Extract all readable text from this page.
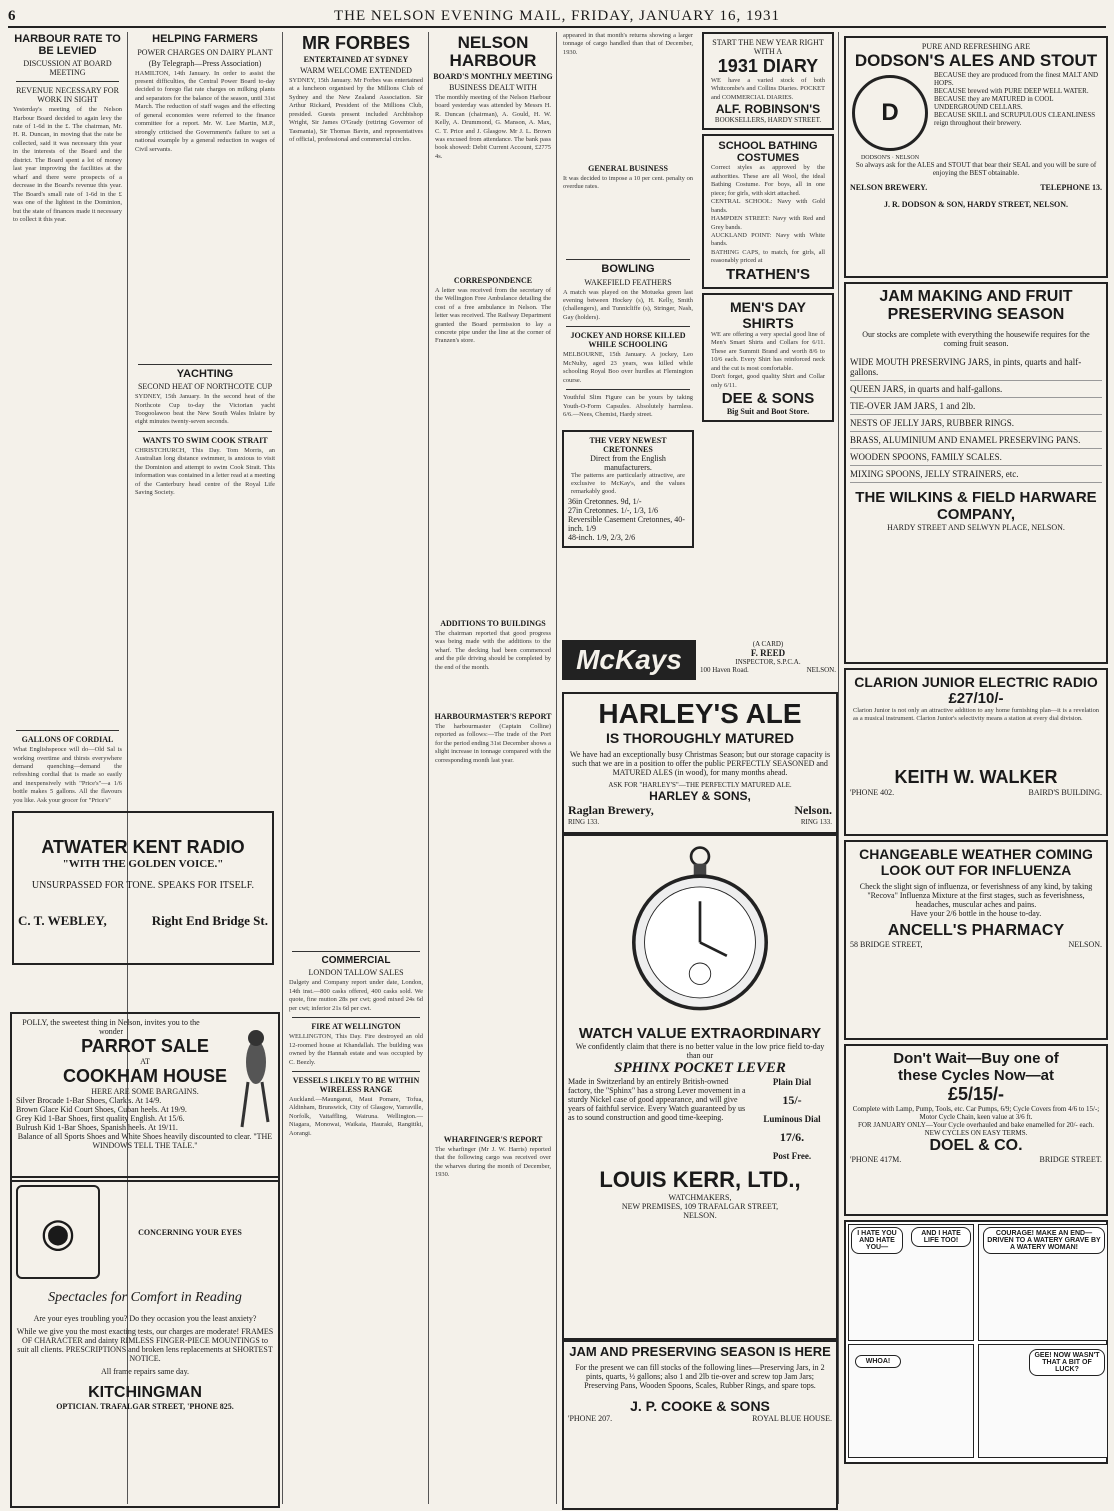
6	THE NELSON EVENING MAIL, FRIDAY, JANUARY 16, 1931
HARBOUR RATE TO BE LEVIED
DISCUSSION AT BOARD MEETING
REVENUE NECESSARY FOR WORK IN SIGHT
Yesterday's meeting of the Nelson Harbour Board decided to again levy the rate of 1-6d in the £. The chairman, Mr. H. R. Duncan, in moving that the rate be collected, said it was necessary this year in the interests of the Board and the district. The Board spent a lot of money last year improving the facilities at the wharf and there were prospects of a decrease in the Board's revenue this year. The Board's small rate of 1-6d in the £ was one of the lightest in the Dominion, but the state of finances made it necessary to collect it this year.
GALLONS OF CORDIAL
What Englishspeoce will do—Old Sal is working overtime and thirsts everywhere demand quenching—demand the refreshing cordial that is made so easily and inexpensively with "Price's"—a 1/6 bottle makes 5 gallons. All the flavours you like. Ask your grocer for "Price's"
ATWATER KENT RADIO
"WITH THE GOLDEN VOICE."
UNSURPASSED FOR TONE. SPEAKS FOR ITSELF.
C. T. WEBLEY,	Right End Bridge St.
POLLY, the sweetest thing in Nelson, invites you to the wonder
PARROT SALE
AT
COOKHAM HOUSE
HERE ARE SOME BARGAINS.
Silver Brocade 1-Bar Shoes, Clark's. At 14/9.
Brown Glace Kid Court Shoes, Cuban heels. At 19/9.
Grey Kid 1-Bar Shoes, first quality English. At 15/6.
Bulrush Kid 1-Bar Shoes, Spanish heels. At 19/11.
Balance of all Sports Shoes and White Shoes heavily discounted to clear. "THE WINDOWS TELL THE TALE."
◉	CONCERNING YOUR EYES
Spectacles for Comfort in Reading
Are your eyes troubling you? Do they occasion you the least anxiety?
While we give you the most exacting tests, our charges are moderate! FRAMES OF CHARACTER and dainty RIMLESS FINGER-PIECE MOUNTINGS to suit all clients. PRESCRIPTIONS and broken lens replacements at SHORTEST NOTICE.
All frame repairs same day.
KITCHINGMAN
OPTICIAN. TRAFALGAR STREET, 'PHONE 825.
HELPING FARMERS
POWER CHARGES ON DAIRY PLANT
(By Telegraph—Press Association)
HAMILTON, 14th January. In order to assist the present difficulties, the Central Power Board to-day decided to forego flat rate charges on milking plants and separators for the balance of the season, until 31st March. The reduction of staff wages and the effecting of general economies were referred to the finance committee for a report. Mr. W. Lee Martin, M.P., strongly criticised the Government's failure to set a national example by a general reduction in wages of Civil servants.
YACHTING
SECOND HEAT OF NORTHCOTE CUP
SYDNEY, 15th January. In the second heat of the Northcote Cup to-day the Victorian yacht Toogoolawoo beat the New South Wales Inlaire by eight minutes twenty-seven seconds.
WANTS TO SWIM COOK STRAIT
CHRISTCHURCH, This Day. Tom Morris, an Australian long distance swimmer, is anxious to visit the Dominion and attempt to swim Cook Strait. This information was contained in a letter read at a meeting of the Canterbury head centre of the Royal Life Saving Society.
MR FORBES
ENTERTAINED AT SYDNEY
WARM WELCOME EXTENDED
SYDNEY, 15th January. Mr Forbes was entertained at a luncheon organised by the Millions Club of Sydney and the New Zealand Association. Sir Arthur Rickard, President of the Millions Club, presided. Guests present included Archbishop Wright, Sir James O'Grady (retiring Governor of Tasmania), Sir Thomas Bavin, and representatives of official, professional and commercial circles.
COMMERCIAL
LONDON TALLOW SALES
Dalgety and Company report under date, London, 14th inst.—800 casks offered, 400 casks sold. We quote, fine mutton 28s per cwt; good mixed 24s 6d per cwt; inferior 21s 6d per cwt.
FIRE AT WELLINGTON
WELLINGTON, This Day. Fire destroyed an old 12-roomed house at Khandallah. The building was owned by the Hannah estate and was occupied by C. Beezly.
VESSELS LIKELY TO BE WITHIN WIRELESS RANGE
Auckland.—Maunganui, Maui Pomare, Tofua, Aldinham, Brunswick, City of Glasgow, Yarraville, Norfolk, Vaitaffling, Wairuna. Wellington.—Niagara, Monowai, Waikaia, Hauraki, Rangitiki, Aorangi.
NELSON HARBOUR
BOARD'S MONTHLY MEETING
BUSINESS DEALT WITH
The monthly meeting of the Nelson Harbour board yesterday was attended by Messrs H. R. Duncan (chairman), A. Gould, H. W. Kelly, A. Drummond, G. Manson, A. Max, C. T. Price and J. Glasgow. Mr J. L. Brown was excused from attendance. The bank pass book showed: Debit Current Account, £2775 4s.
CORRESPONDENCE
A letter was received from the secretary of the Wellington Free Ambulance detailing the cost of a free ambulance in Nelson. The letter was received. The Railway Department granted the Board permission to lay a concrete pipe under the line at the corner of Franzen's store.
ADDITIONS TO BUILDINGS
The chairman reported that good progress was being made with the additions to the wharf. The decking had been commenced and the pile driving should be completed by the end of the month.
HARBOURMASTER'S REPORT
The harbourmaster (Captain Colline) reported as follows:—The trade of the Port for the period ending 31st December shows a slight increase in tonnage compared with the corresponding month last year.
WHARFINGER'S REPORT
The wharfinger (Mr J. W. Harris) reported that the following cargo was received over the wharves during the month of December, 1930.
appeared in that month's returns showing a larger tonnage of cargo handled than that of December, 1930.
GENERAL BUSINESS
It was decided to impose a 10 per cent. penalty on overdue rates.
BOWLING
WAKEFIELD FEATHERS
A match was played on the Motueka green last evening between Hockey (s), H. Kelly, Smith (challengers), and Tunnicliffe (s), Stringer, Nash, Gay (holders).
JOCKEY AND HORSE KILLED WHILE SCHOOLING
MELBOURNE, 15th January. A jockey, Leo McNulty, aged 23 years, was killed while schooling Royal Boo over hurdles at Flemington course.
Youthful Slim Figure can be yours by taking Youth-O-Form Capsules. Absolutely harmless. 6/6.—Nees, Chemist, Hardy street.
THE VERY NEWEST CRETONNES
Direct from the English manufacturers.
The patterns are particularly attractive, are exclusive to McKay's, and the values remarkably good.
36in Cretonnes. 9d, 1/-
27in Cretonnes. 1/-, 1/3, 1/6
Reversible Casement Cretonnes, 40-inch. 1/9
48-inch. 1/9, 2/3, 2/6
START THE NEW YEAR RIGHT
WITH A
1931 DIARY
WE have a varied stock of both Whitcombe's and Collins Diaries. POCKET and COMMERCIAL DIARIES.
ALF. ROBINSON'S
BOOKSELLERS, HARDY STREET.
SCHOOL BATHING COSTUMES
Correct styles as approved by the authorities. These are all Wool, the ideal Bathing Costume. For boys, all in one piece; for girls, with skirt attached.
CENTRAL SCHOOL: Navy with Gold bands.
HAMPDEN STREET: Navy with Red and Grey bands.
AUCKLAND POINT: Navy with White bands.
BATHING CAPS, to match, for girls, all reasonably priced at
TRATHEN'S
MEN'S DAY SHIRTS
WE are offering a very special good line of Men's Smart Shirts and Collars for 6/11. These are Summit Brand and worth 8/6 to 10/6 each. Every Shirt has reinforced neck and the cut is most comfortable.
Don't forget, good quality Shirt and Collar only 6/11.
DEE & SONS
Big Suit and Boot Store.
McKays	(A CARD)
F. REED
INSPECTOR, S.P.C.A.
100 Haven Road.	NELSON.
HARLEY'S ALE
IS THOROUGHLY MATURED
We have had an exceptionally busy Christmas Season; but our storage capacity is such that we are in a position to offer the public PERFECTLY SEASONED and MATURED ALES (in wood), for many months ahead.
ASK FOR "HARLEY'S"—THE PERFECTLY MATURED ALE.
HARLEY & SONS,
Raglan Brewery,	Nelson.
RING 133.	RING 133.
WATCH VALUE EXTRAORDINARY
We confidently claim that there is no better value in the low price field to-day than our
SPHINX POCKET LEVER
Made in Switzerland by an entirely British-owned factory, the "Sphinx" has a strong Lever movement in a sturdy Nickel case of good appearance, and will give years of faithful service. Every Watch guaranteed by us as to sound construction and good time-keeping.
Plain Dial
15/-
Luminous Dial
17/6.
Post Free.
LOUIS KERR, LTD.,
WATCHMAKERS,
NEW PREMISES, 109 TRAFALGAR STREET,
NELSON.
JAM AND PRESERVING SEASON IS HERE
For the present we can fill stocks of the following lines—Preserving Jars, in 2 pints, quarts, ½ gallons; also 1 and 2lb tie-over and screw top Jam Jars; Preserving Pans, Wooden Spoons, Scales, Rubber Rings, and spare tops.
J. P. COOKE & SONS
'PHONE 207.	ROYAL BLUE HOUSE.
PURE AND REFRESHING ARE
DODSON'S ALES AND STOUT
D
DODSON'S · NELSON
BECAUSE they are produced from the finest MALT AND HOPS.
BECAUSE brewed with PURE DEEP WELL WATER.
BECAUSE they are MATURED in COOL UNDERGROUND CELLARS.
BECAUSE SKILL and SCRUPULOUS CLEANLINESS reign throughout their brewery.
So always ask for the ALES and STOUT that bear their SEAL and you will be sure of enjoying the BEST obtainable.
NELSON BREWERY.	TELEPHONE 13.
J. R. DODSON & SON, HARDY STREET, NELSON.
JAM MAKING AND FRUIT PRESERVING SEASON
Our stocks are complete with everything the housewife requires for the coming fruit season.
WIDE MOUTH PRESERVING JARS, in pints, quarts and half-gallons.
QUEEN JARS, in quarts and half-gallons.
TIE-OVER JAM JARS, 1 and 2lb.
NESTS OF JELLY JARS, RUBBER RINGS.
BRASS, ALUMINIUM AND ENAMEL PRESERVING PANS.
WOODEN SPOONS, FAMILY SCALES.
MIXING SPOONS, JELLY STRAINERS, etc.
THE WILKINS & FIELD HARWARE COMPANY,
HARDY STREET AND SELWYN PLACE, NELSON.
CLARION JUNIOR ELECTRIC RADIO
£27/10/-
Clarion Junior is not only an attractive addition to any home furnishing plan—it is a revelation as a musical instrument. Clarion Junior's selectivity means a station at every dial division.
KEITH W. WALKER
'PHONE 402.	BAIRD'S BUILDING.
CHANGEABLE WEATHER COMING
LOOK OUT FOR INFLUENZA
Check the slight sign of influenza, or feverishness of any kind, by taking "Recova" Influenza Mixture at the first stages, such as feverishness, headaches, muscular aches and pains.
Have your 2/6 bottle in the house to-day.
ANCELL'S PHARMACY
58 BRIDGE STREET,	NELSON.
Don't Wait—Buy one of
these Cycles Now—at
£5/15/-
Complete with Lamp, Pump, Tools, etc. Car Pumps, 6/9; Cycle Covers from 4/6 to 15/-; Motor Cycle Chain, keen value at 3/6 ft.
FOR JANUARY ONLY—Your Cycle overhauled and bake enamelled for 20/- each. NEW CYCLES ON EASY TERMS.
DOEL & CO.
'PHONE 417M.	BRIDGE STREET.
I HATE YOU AND HATE YOU—
AND I HATE LIFE TOO!
COURAGE! MAKE AN END—DRIVEN TO A WATERY GRAVE BY A WATERY WOMAN!
WHOA!
GEE! NOW WASN'T THAT A BIT OF LUCK?
